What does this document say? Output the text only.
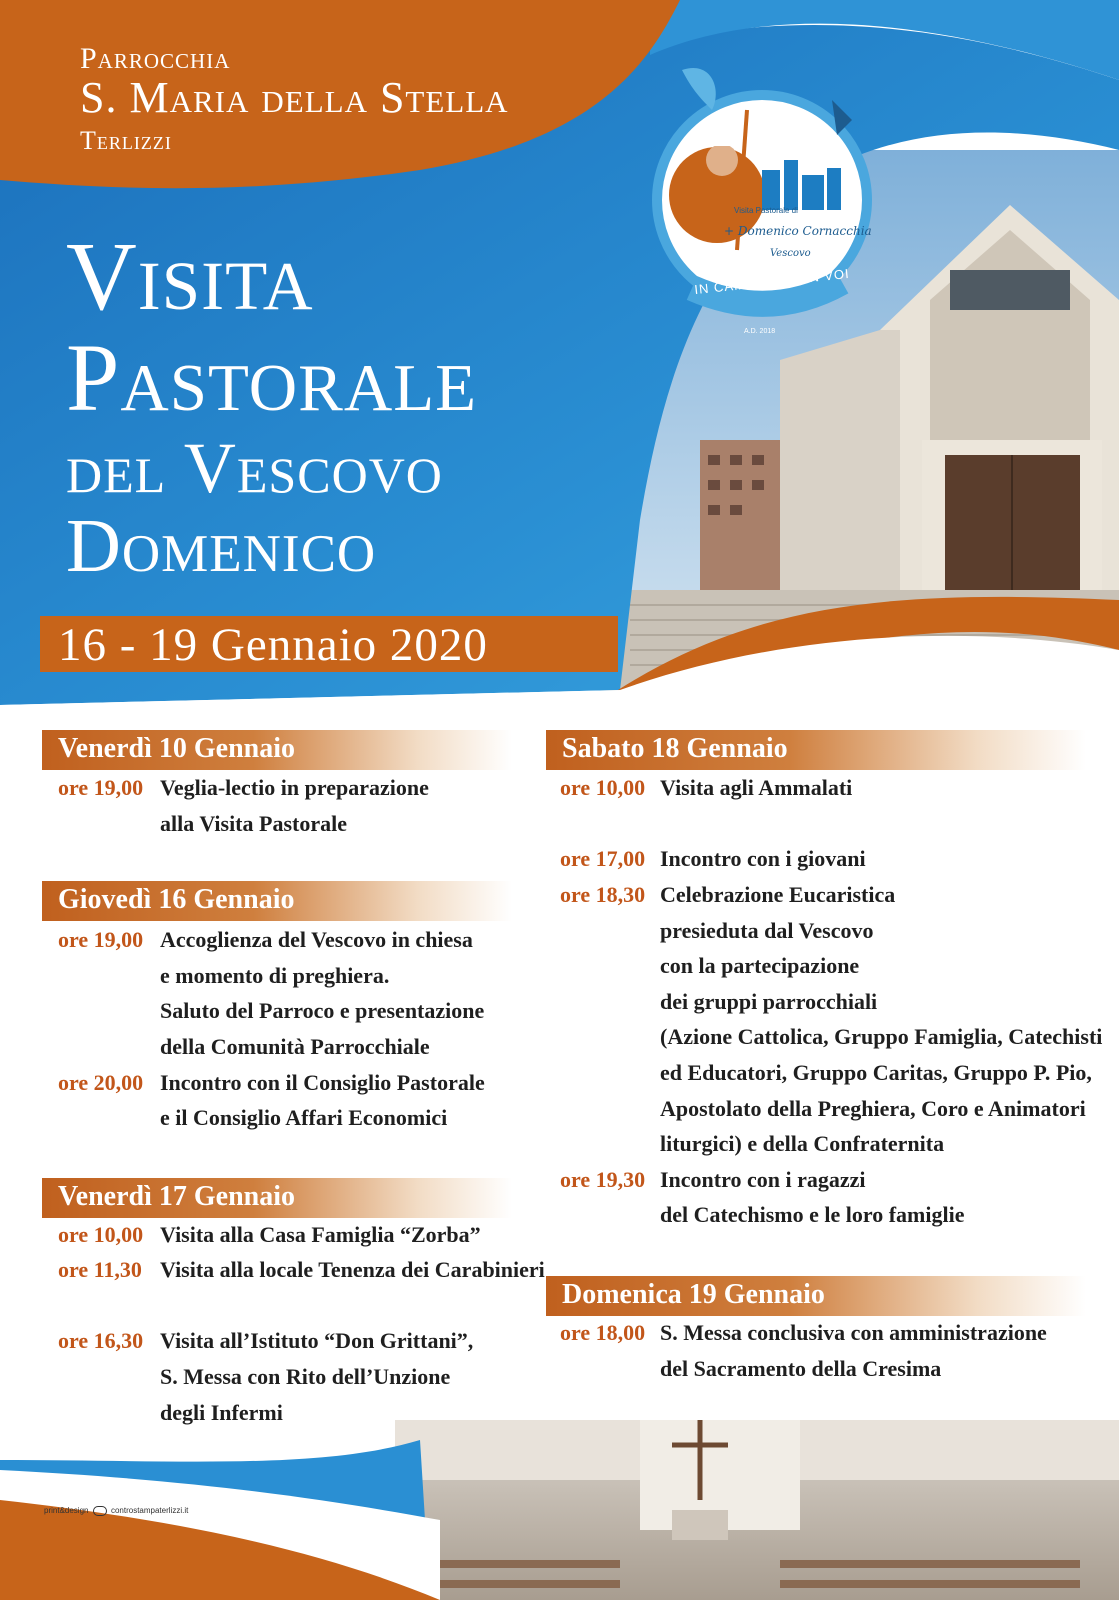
Parrocchia
S. Maria della Stella
Terlizzi
Visita Pastorale di
+ Domenico Cornacchia
Vescovo
IN CAMMINO CON VOI
A.D. 2018
Visita
Pastorale
del Vescovo
Domenico
16 - 19 Gennaio 2020
Venerdì 10 Gennaio
ore 19,00 Veglia-lectio in preparazione
alla Visita Pastorale
Giovedì 16 Gennaio
ore 19,00 Accoglienza del Vescovo in chiesa
e momento di preghiera.
Saluto del Parroco e presentazione
della Comunità Parrocchiale
ore 20,00 Incontro con il Consiglio Pastorale
e il Consiglio Affari Economici
Venerdì 17 Gennaio
ore 10,00 Visita alla Casa Famiglia “Zorba”
ore 11,30 Visita alla locale Tenenza dei Carabinieri
ore 16,30 Visita all’Istituto “Don Grittani”,
S. Messa con Rito dell’Unzione
degli Infermi
Sabato 18 Gennaio
ore 10,00 Visita agli Ammalati
ore 17,00 Incontro con i giovani
ore 18,30 Celebrazione Eucaristica
presieduta dal Vescovo
con la partecipazione
dei gruppi parrocchiali
(Azione Cattolica, Gruppo Famiglia, Catechisti
ed Educatori, Gruppo Caritas, Gruppo P. Pio,
Apostolato della Preghiera, Coro e Animatori
liturgici) e della Confraternita
ore 19,30 Incontro con i ragazzi
del Catechismo e le loro famiglie
Domenica 19 Gennaio
ore 18,00 S. Messa conclusiva con amministrazione
del Sacramento della Cresima
print&design	controstampaterlizzi.it
